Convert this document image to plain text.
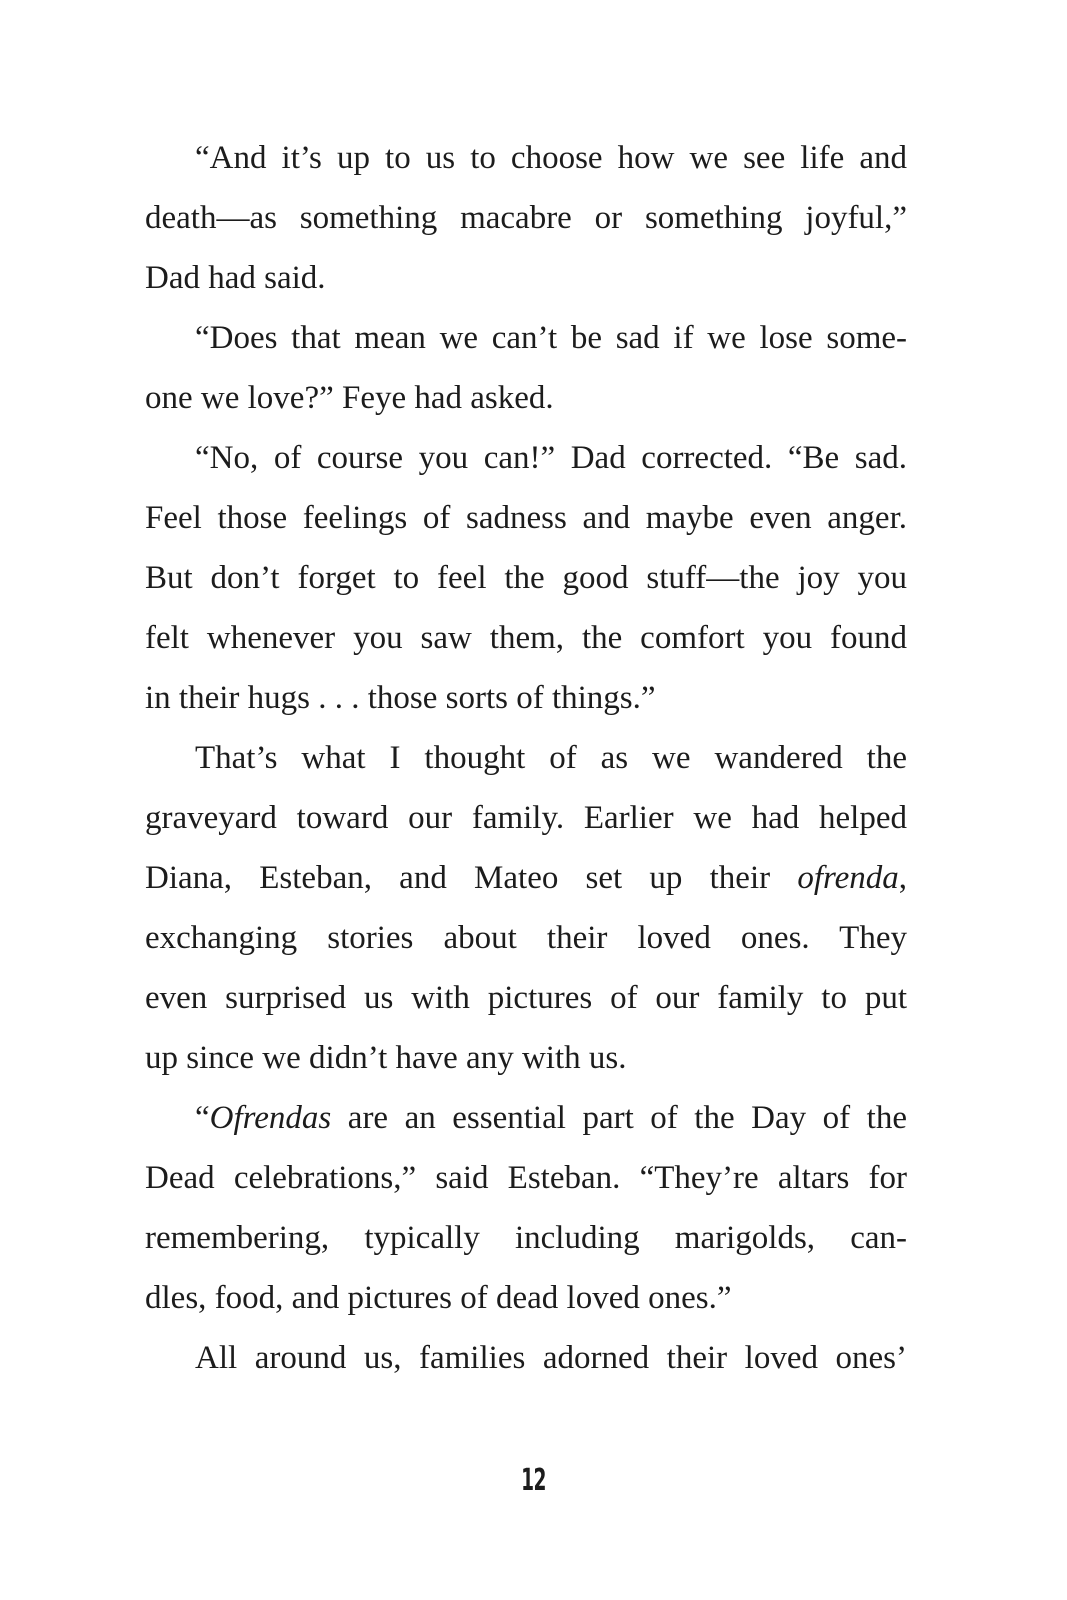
“And it’s up to us to choose how we see life and
death—as something macabre or something joyful,”
Dad had said.
“Does that mean we can’t be sad if we lose some-
one we love?” Feye had asked.
“No, of course you can!” Dad corrected. “Be sad.
Feel those feelings of sadness and maybe even anger.
But don’t forget to feel the good stuff—the joy you
felt whenever you saw them, the comfort you found
in their hugs . . . those sorts of things.”
That’s what I thought of as we wandered the
graveyard toward our family. Earlier we had helped
Diana, Esteban, and Mateo set up their ofrenda,
exchanging stories about their loved ones. They
even surprised us with pictures of our family to put
up since we didn’t have any with us.
“Ofrendas are an essential part of the Day of the
Dead celebrations,” said Esteban. “They’re altars for
remembering, typically including marigolds, can-
dles, food, and pictures of dead loved ones.”
All around us, families adorned their loved ones’
12
